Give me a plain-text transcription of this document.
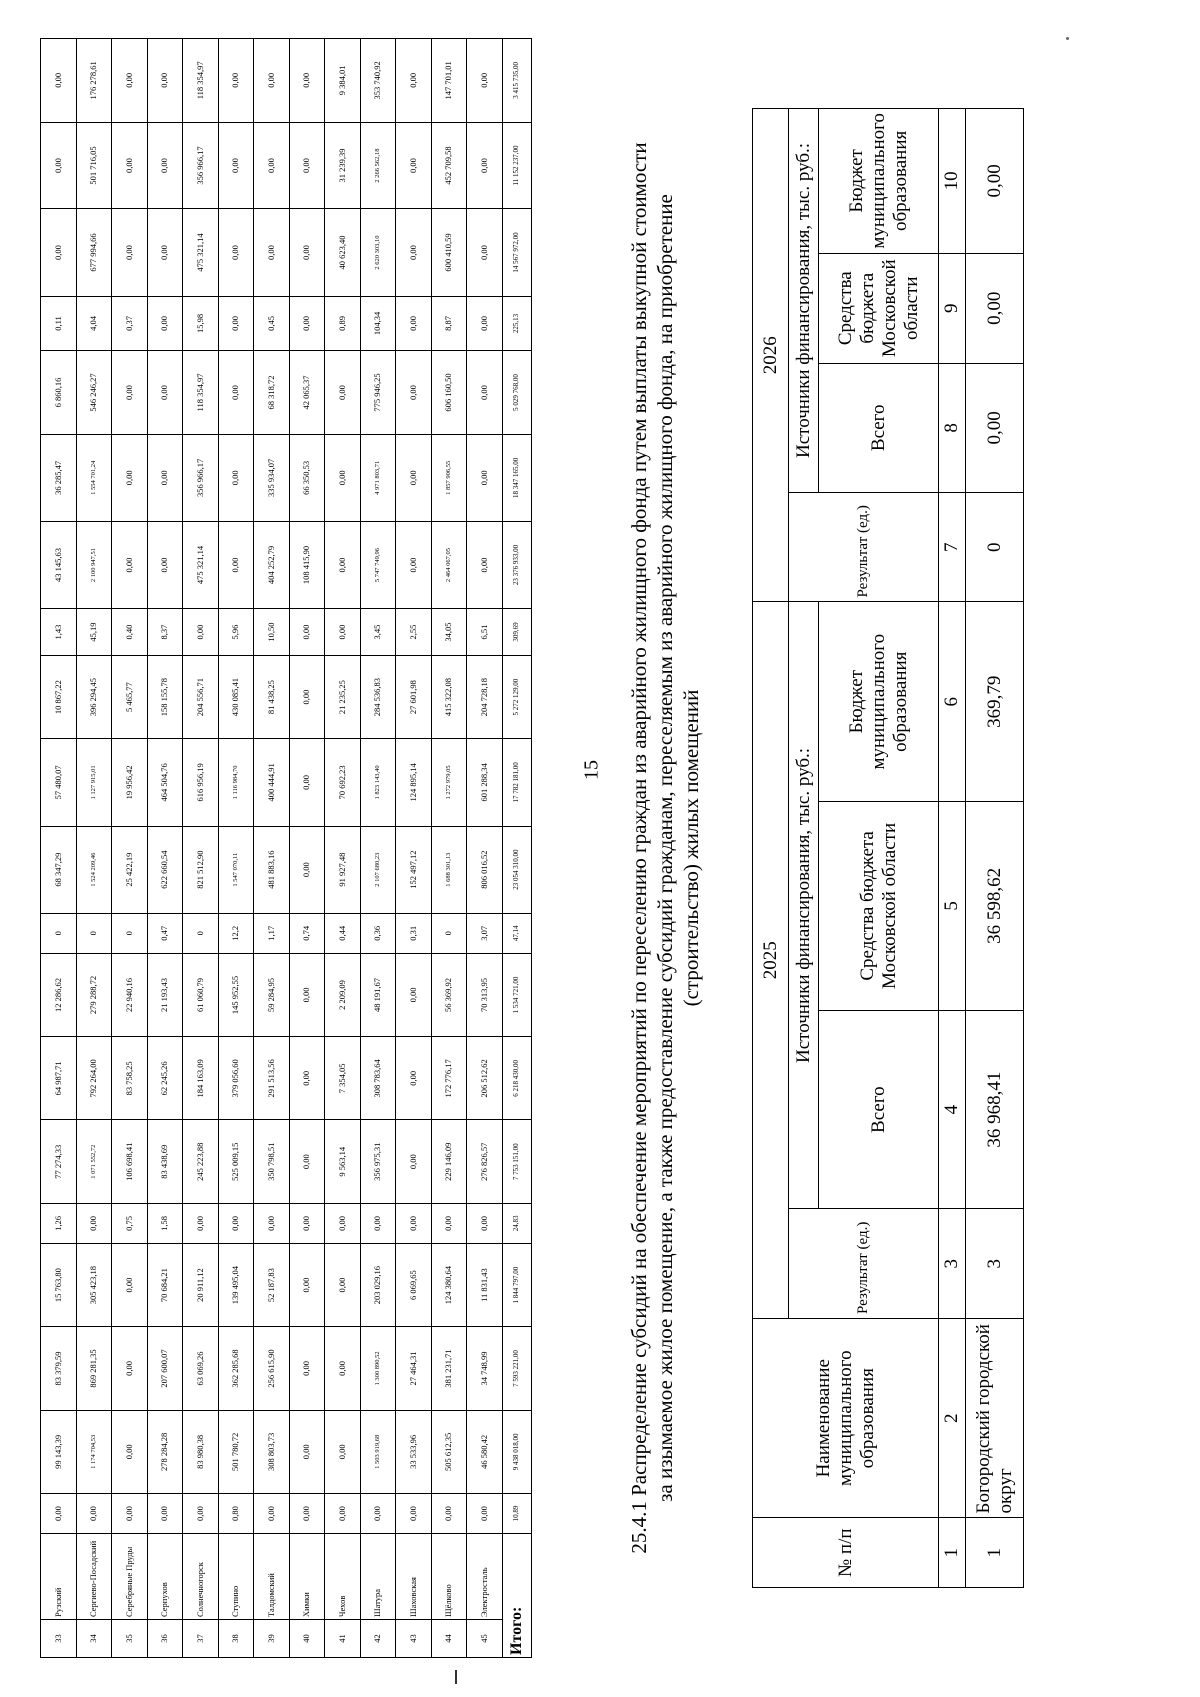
15
33	Рузский	0,00	99 143,39	83 379,59	15 763,80	1,26	77 274,33	64 987,71	12 286,62	0	68 347,29	57 480,07	10 867,22	1,43	43 145,63	36 285,47	6 860,16	0,11	0,00	0,00	0,00
34	Сергиево-Посадский	0,00	1 174 704,53	869 281,35	305 423,18	0,00	1 071 552,72	792 264,00	279 288,72	0	1 524 209,46	1 127 915,01	396 294,45	45,19	2 100 947,51	1 554 701,24	546 246,27	4,04	677 994,66	501 716,05	176 278,61
35	Серебряные Пруды	0,00	0,00	0,00	0,00	0,75	106 698,41	83 758,25	22 940,16	0	25 422,19	19 956,42	5 465,77	0,40	0,00	0,00	0,00	0,37	0,00	0,00	0,00
36	Серпухов	0,00	278 284,28	207 600,07	70 684,21	1,58	83 438,69	62 245,26	21 193,43	0,47	622 660,54	464 504,76	158 155,78	8,37	0,00	0,00	0,00	0,00	0,00	0,00	0,00
37	Солнечногорск	0,00	83 980,38	63 069,26	20 911,12	0,00	245 223,88	184 163,09	61 060,79	0	821 512,90	616 956,19	204 556,71	0,00	475 321,14	356 966,17	118 354,97	15,98	475 321,14	356 966,17	118 354,97
38	Ступино	0,80	501 780,72	362 285,68	139 495,04	0,00	525 009,15	379 056,60	145 952,55	12,2	1 547 070,11	1 116 984,70	430 085,41	5,96	0,00	0,00	0,00	0,00	0,00	0,00	0,00
39	Талдомский	0,00	308 803,73	256 615,90	52 187,83	0,00	350 798,51	291 513,56	59 284,95	1,17	481 883,16	400 444,91	81 438,25	10,50	404 252,79	335 934,07	68 318,72	0,45	0,00	0,00	0,00
40	Химки	0,00	0,00	0,00	0,00	0,00	0,00	0,00	0,00	0,74	0,00	0,00	0,00	0,00	108 415,90	66 350,53	42 065,37	0,00	0,00	0,00	0,00
41	Чехов	0,00	0,00	0,00	0,00	0,00	9 563,14	7 354,05	2 209,09	0,44	91 927,48	70 692,23	21 235,25	0,00	0,00	0,00	0,00	0,89	40 623,40	31 239,39	9 384,01
42	Шатура	0,00	1 503 919,68	1 300 890,52	203 029,16	0,00	356 975,31	308 783,64	48 191,67	0,36	2 107 680,23	1 823 143,40	284 536,83	3,45	5 747 749,96	4 971 803,71	775 946,25	104,34	2 620 303,10	2 266 562,18	353 740,92
43	Шаховская	0,00	33 533,96	27 464,31	6 069,65	0,00	0,00	0,00	0,00	0,31	152 497,12	124 895,14	27 601,98	2,55	0,00	0,00	0,00	0,00	0,00	0,00	0,00
44	Щёлково	0,00	505 612,35	381 231,71	124 380,64	0,00	229 146,09	172 776,17	56 369,92	0	1 688 301,13	1 272 979,05	415 322,08	34,05	2 464 067,05	1 857 906,55	606 160,50	8,87	600 410,59	452 709,58	147 701,01
45	Электросталь	0,00	46 580,42	34 748,99	11 831,43	0,00	276 826,57	206 512,62	70 313,95	3,07	806 016,52	601 288,34	204 728,18	6,51	0,00	0,00	0,00	0,00	0,00	0,00	0,00
Итого:		10,89	9 438 018,00	7 593 221,00	1 844 797,00	24,83	7 753 151,00	6 218 430,00	1 534 721,00	47,14	23 054 310,00	17 782 181,00	5 272 129,00	309,69	23 376 933,00	18 347 165,00	5 029 768,00	225,13	14 567 972,00	11 152 237,00	3 415 735,00
25.4.1 Распределение субсидий на обеспечение мероприятий по переселению граждан из аварийного жилищного фонда путем выплаты выкупной стоимости за изымаемое жилое помещение, а также предоставление субсидий гражданам, переселяемым из аварийного жилищного фонда, на приобретение (строительство) жилых помещений
№ п/п	Наименование муниципального образования	2025				2026			
		Результат (ед.)	Источники финансирования, тыс. руб.:			Результат (ед.)	Источники финансирования, тыс. руб.:		
			Всего	Средства бюджета Московской области	Бюджет муниципального образования		Всего	Средства бюджета Московской области	Бюджет муниципального образования
1	2	3	4	5	6	7	8	9	10
1	Богородский городской округ	3	36 968,41	36 598,62	369,79	0	0,00	0,00	0,00
